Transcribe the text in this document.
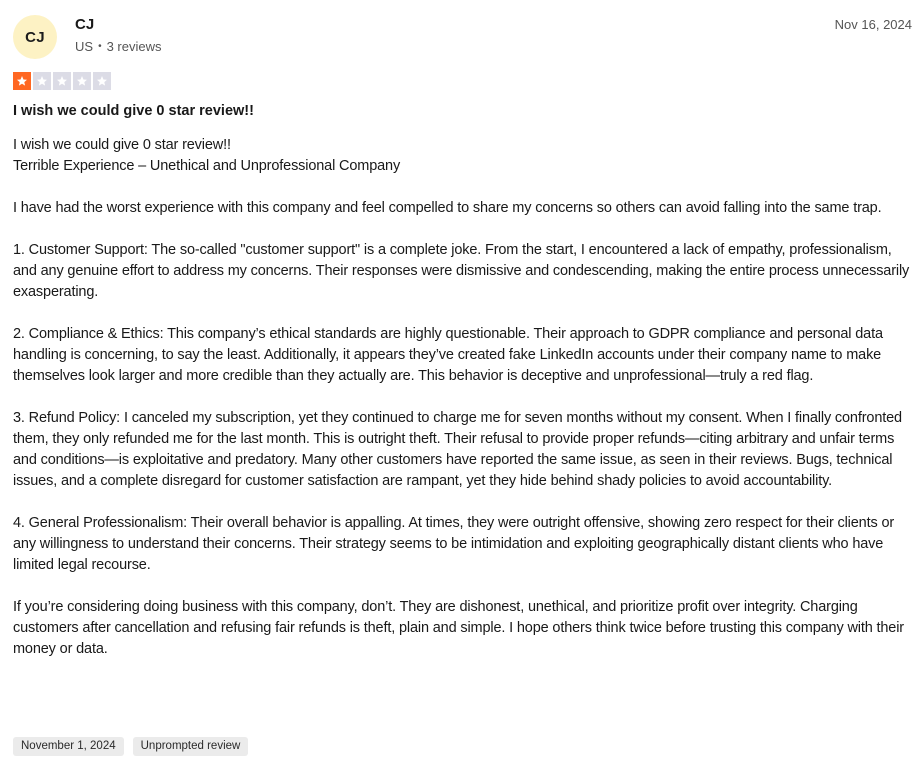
CJ
CJ
US • 3 reviews
Nov 16, 2024
I wish we could give 0 star review!!

I wish we could give 0 star review!!
Terrible Experience – Unethical and Unprofessional Company

I have had the worst experience with this company and feel compelled to share my concerns so others can avoid falling into the same trap.

1. Customer Support: The so-called "customer support" is a complete joke. From the start, I encountered a lack of empathy, professionalism, and any genuine effort to address my concerns. Their responses were dismissive and condescending, making the entire process unnecessarily exasperating.

2. Compliance & Ethics: This company’s ethical standards are highly questionable. Their approach to GDPR compliance and personal data handling is concerning, to say the least. Additionally, it appears they’ve created fake LinkedIn accounts under their company name to make themselves look larger and more credible than they actually are. This behavior is deceptive and unprofessional—truly a red flag.

3. Refund Policy: I canceled my subscription, yet they continued to charge me for seven months without my consent. When I finally confronted them, they only refunded me for the last month. This is outright theft. Their refusal to provide proper refunds—citing arbitrary and unfair terms and conditions—is exploitative and predatory. Many other customers have reported the same issue, as seen in their reviews. Bugs, technical issues, and a complete disregard for customer satisfaction are rampant, yet they hide behind shady policies to avoid accountability.

4. General Professionalism: Their overall behavior is appalling. At times, they were outright offensive, showing zero respect for their clients or any willingness to understand their concerns. Their strategy seems to be intimidation and exploiting geographically distant clients who have limited legal recourse.

If you’re considering doing business with this company, don’t. They are dishonest, unethical, and prioritize profit over integrity. Charging customers after cancellation and refusing fair refunds is theft, plain and simple. I hope others think twice before trusting this company with their money or data.

November 1, 2024	Unprompted review
